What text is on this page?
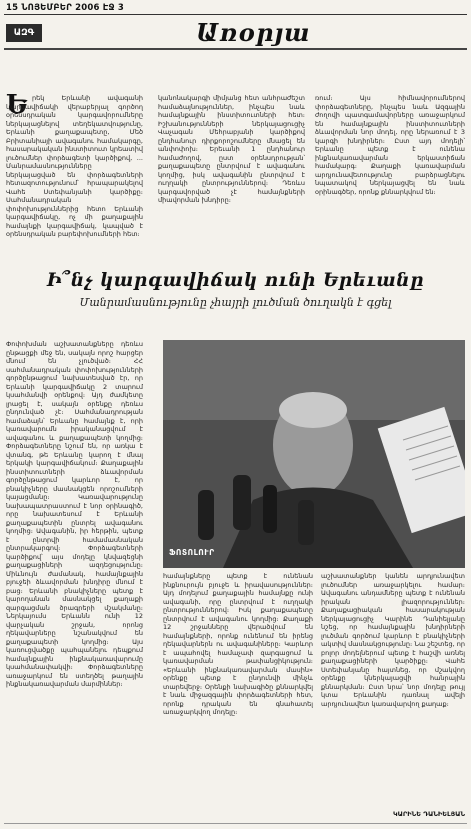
15 ՆՈՅԵՄԲԵՐ 2006 ԷՋ 3
ԱԶԳ	Առօրյա
Ե րեկ Երևանի ավագանի կարգավիճակի վերաբերյալ գործող օրենսդրական կարգավորումները ներկայացնելով տեղեկատվությունը, Երևանի քաղաքապետը, Մեծ Բրիտանիայի ավագանու համակարգը, հասարակական ինստիտուտ կրեատիվ լուծումներ փորձագետի կարծիքով, ... Մանրամասնությունները ներկայացված են փորձագետների հետազոտությունում՝ հրապարակելով Վահե Ստեփանյանի կարծիքը։ Սահմանադրական փոփոխություններից հետո Երևանի կարգավիճակը, ոչ մի քաղաքային համայնքի կարգավիճակ, կապված է օրենսդրական բարեփոխումների հետ։

կանոնակարգի միմյանց հետ անհրաժեշտ համաձայնություններ, ինչպես նաև համայնքային ինստիտուտների հետ։ Իշխանությունների ներկայացուցիչ Վաչագան Մեհրաբյանի կարծիքով ընդհանուր դիրքորոշումները մնացել են անփոփոխ։ Երեւանի 1 ընդհանուր համաժողով, ըստ օրենսդրության՝ քաղաքապետը ընտրվում է ավագանու կողմից, իսկ ավագանին ընտրվում է ուղղակի ընտրություններով։ Դեռևս կարգավորված չէ համայնքների միավորման խնդիրը։

ռում։ Այս հիմնավորումներով փորձագետները, ինչպես նաև Ազգային ժողովի պատգամավորները առաջարկում են համայնքային ինստիտուտների ձևավորման նոր մոդել, որը ներառում է 3 կարգի խնդիրներ։ Ըստ այդ մոդելի՝ Երևանը պետք է ունենա ինքնակառավարման երկաստիճան համակարգ։ Քաղաքի կառավարման արդյունավետությունը բարձրացնելու նպատակով ներկայացվել են նաև օրինագծեր, որոնք քննարկվում են։

Ի՞նչ կարգավիճակ ունի Երեւանը
Մանրամասնությունը չհայրի լուծման ծուղակն է գցել

Փոփոխման աշխատանքները դեռևս ընթացքի մեջ են, սակայն որոշ հարցեր մնում են չլուծված։ ՀՀ սահմանադրական փոփոխությունների գործընթացում նախատեսված էր, որ Երևանի կարգավիճակը 2 տարում կսահմանվի օրենքով։ Այդ ժամկետը լրացել է, սակայն օրենքը դեռևս ընդունված չէ։ Սահմանադրության համաձայն՝ Երևանը համայնք է, որի կառավարումն իրականացվում է ավագանու և քաղաքապետի կողմից։ Փորձագետները նշում են, որ առկա է վտանգ, թե Երևանը կարող է մնալ երկակի կարգավիճակում։ Քաղաքային ինստիտուտների ձևավորման գործընթացում կարևոր է, որ բնակիչները մասնակցեն որոշումների կայացմանը։ Կառավարությունը նախապատրաստում է նոր օրինագիծ, որը նախատեսում է Երևանի քաղաքապետին ընտրել ավագանու կողմից։ Ավագանին, իր հերթին, պետք է ընտրվի համամասնական ընտրակարգով։ Փորձագետների կարծիքով՝ այս մոդելը կնվազեցնի քաղաքացիների ազդեցությունը։ Միևնույն ժամանակ, համայնքային բյուջեի ձևավորման խնդիրը մնում է բաց։ Երևանի բնակիչները պետք է կարողանան մասնակցել քաղաքի զարգացման ծրագրերի մշակմանը։ Ներկայումս Երևանն ունի 12 վարչական շրջան, որոնց ղեկավարները նշանակվում են քաղաքապետի կողմից։ Այս կառուցվածքը պահպանելու դեպքում համայնքային ինքնակառավարումը կսահմանափակվի։ Փորձագետները առաջարկում են ստեղծել թաղային ինքնակառավարման մարմիններ։

ՖՈՏՈԼՈՒՐ

համայնքները պետք է ունենան ինքնուրույն բյուջե և իրավասություններ։ Այդ մոդելում քաղաքային համայնքը ունի ավագանի, որը ընտրվում է ուղղակի ընտրություններով։ Իսկ քաղաքապետը ընտրվում է ավագանու կողմից։ Քաղաքի 12 շրջանները վերածվում են համայնքների, որոնք ունենում են իրենց ղեկավարներն ու ավագանիները։ Կարևոր է ապահովել համաչափ զարգացում և կառավարման թափանցիկություն։ «Երևանի ինքնակառավարման մասին» օրենքը պետք է ընդունվի մինչև տարեվերջ։ Օրենքի նախագիծը քննարկվել է նաև միջազգային փորձագետների հետ, որոնք դրական են գնահատել առաջարկվող մոդելը։

աշխատանքներ կանեն արդյունավետ լուծումներ առաջարկելու համար։ Ավագանու անդամները պետք է ունենան իրական լիազորություններ։ Քաղաքացիական հասարակության ներկայացուցիչ Կարինե Դանիելյանը նշեց, որ համայնքային խնդիրների լուծման գործում կարևոր է բնակիչների ակտիվ մասնակցությունը։ Նա շեշտեց, որ բոլոր մոդելներում պետք է հաշվի առնել քաղաքացիների կարծիքը։ Վահե Ստեփանյանը հայտնեց, որ մշակվող օրենքը կներկայացվի հանրային քննարկման։ Ըստ նրա՝ նոր մոդելը թույլ կտա Երևանին դառնալ ավելի արդյունավետ կառավարվող քաղաք։

ԿԱՐԻՆԵ ԴԱՆԻԵԼՅԱՆ
